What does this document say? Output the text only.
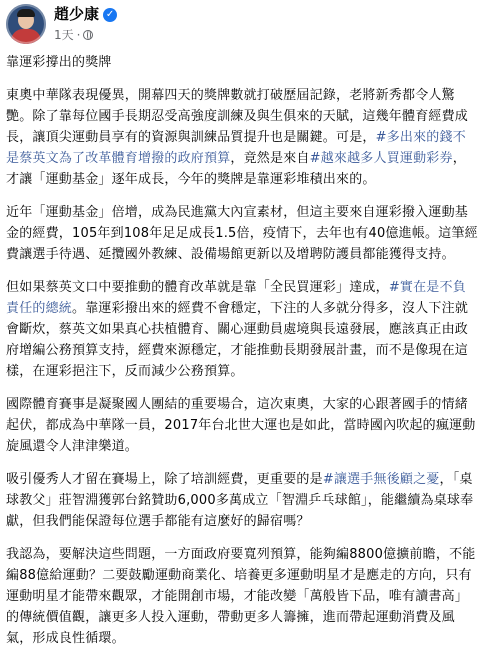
趙少康 ✓
1天 ·

靠運彩撐出的獎牌

東奧中華隊表現優異，開幕四天的獎牌數就打破歷屆記錄，老將新秀都令人驚艷。除了靠每位國手長期忍受高強度訓練及與生俱來的天賦，這幾年體育經費成長，讓頂尖運動員享有的資源與訓練品質提升也是關鍵。可是，#多出來的錢不是蔡英文為了改革體育增撥的政府預算，竟然是來自#越來越多人買運動彩券，才讓「運動基金」逐年成長，今年的獎牌是靠運彩堆積出來的。

近年「運動基金」倍增，成為民進黨大內宣素材，但這主要來自運彩撥入運動基金的經費，105年到108年足足成長1.5倍，疫情下，去年也有40億進帳。這筆經費讓選手待遇、延攬國外教練、設備場館更新以及增聘防護員都能獲得支持。

但如果蔡英文口中要推動的體育改革就是靠「全民買運彩」達成，#實在是不負責任的總統。靠運彩撥出來的經費不會穩定，下注的人多就分得多，沒人下注就會斷炊，蔡英文如果真心扶植體育、關心運動員處境與長遠發展，應該真正由政府增編公務預算支持，經費來源穩定，才能推動長期發展計畫，而不是像現在這樣，在運彩挹注下，反而減少公務預算。

國際體育賽事是凝聚國人團結的重要場合，這次東奧，大家的心跟著國手的情緒起伏，都成為中華隊一員，2017年台北世大運也是如此，當時國內吹起的瘋運動旋風還令人津津樂道。

吸引優秀人才留在賽場上，除了培訓經費，更重要的是#讓選手無後顧之憂，「桌球教父」莊智淵獲郭台銘贊助6,000多萬成立「智淵乒乓球館」，能繼續為桌球奉獻，但我們能保證每位選手都能有這麼好的歸宿嗎？

我認為，要解決這些問題，一方面政府要寬列預算，能夠編8800億擴前瞻，不能編88億給運動？二要鼓勵運動商業化、培養更多運動明星才是應走的方向，只有運動明星才能帶來觀眾，才能開創市場，才能改變「萬般皆下品，唯有讀書高」的傳統價值觀，讓更多人投入運動，帶動更多人籌擁，進而帶起運動消費及風氣，形成良性循環。
